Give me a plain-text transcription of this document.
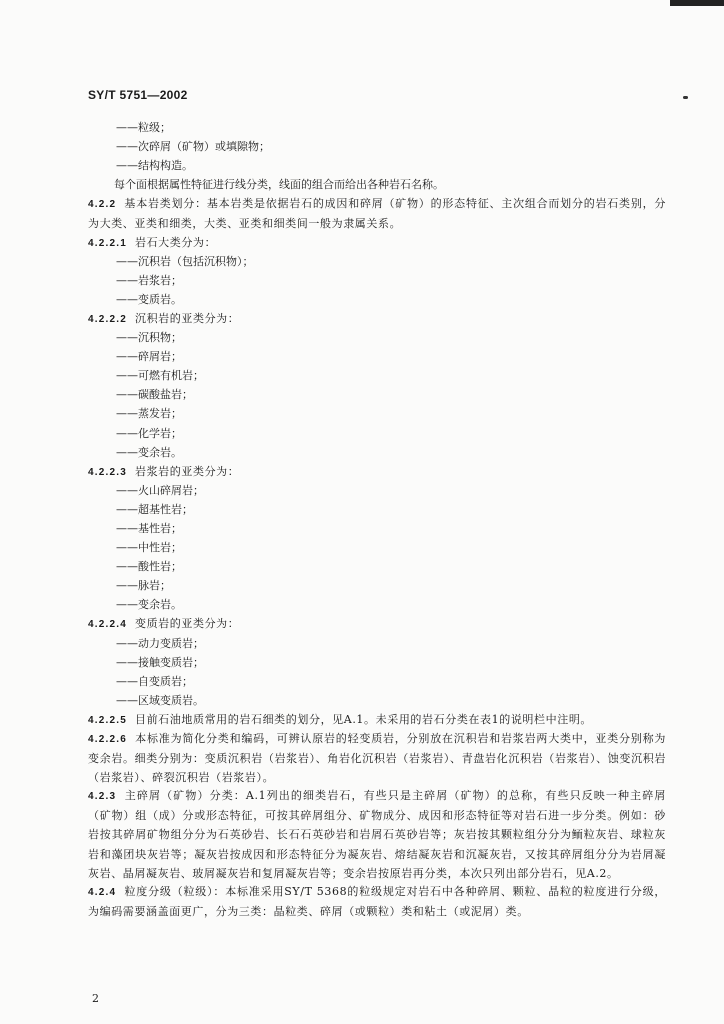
SY/T 5751—2002
——粒级；
——次碎屑（矿物）或填隙物；
——结构构造。
每个面根据属性特征进行线分类，线面的组合而给出各种岩石名称。
4.2.2 基本岩类划分：基本岩类是依据岩石的成因和碎屑（矿物）的形态特征、主次组合而划分的岩石类别，分为大类、亚类和细类，大类、亚类和细类间一般为隶属关系。
4.2.2.1 岩石大类分为：
——沉积岩（包括沉积物）；
——岩浆岩；
——变质岩。
4.2.2.2 沉积岩的亚类分为：
——沉积物；
——碎屑岩；
——可燃有机岩；
——碳酸盐岩；
——蒸发岩；
——化学岩；
——变余岩。
4.2.2.3 岩浆岩的亚类分为：
——火山碎屑岩；
——超基性岩；
——基性岩；
——中性岩；
——酸性岩；
——脉岩；
——变余岩。
4.2.2.4 变质岩的亚类分为：
——动力变质岩；
——接触变质岩；
——自变质岩；
——区域变质岩。
4.2.2.5 目前石油地质常用的岩石细类的划分，见A.1。未采用的岩石分类在表1的说明栏中注明。
4.2.2.6 本标准为简化分类和编码，可辨认原岩的轻变质岩，分别放在沉积岩和岩浆岩两大类中，亚类分别称为变余岩。细类分别为：变质沉积岩（岩浆岩）、角岩化沉积岩（岩浆岩）、青盘岩化沉积岩（岩浆岩）、蚀变沉积岩（岩浆岩）、碎裂沉积岩（岩浆岩）。
4.2.3 主碎屑（矿物）分类：A.1列出的细类岩石，有些只是主碎屑（矿物）的总称，有些只反映一种主碎屑（矿物）组（成）分或形态特征，可按其碎屑组分、矿物成分、成因和形态特征等对岩石进一步分类。例如：砂岩按其碎屑矿物组分分为石英砂岩、长石石英砂岩和岩屑石英砂岩等；灰岩按其颗粒组分分为鲕粒灰岩、球粒灰岩和藻团块灰岩等；凝灰岩按成因和形态特征分为凝灰岩、熔结凝灰岩和沉凝灰岩，又按其碎屑组分分为岩屑凝灰岩、晶屑凝灰岩、玻屑凝灰岩和复屑凝灰岩等；变余岩按原岩再分类，本次只列出部分岩石，见A.2。
4.2.4 粒度分级（粒级）：本标准采用SY/T 5368的粒级规定对岩石中各种碎屑、颗粒、晶粒的粒度进行分级，为编码需要涵盖面更广，分为三类：晶粒类、碎屑（或颗粒）类和粘土（或泥屑）类。
2
